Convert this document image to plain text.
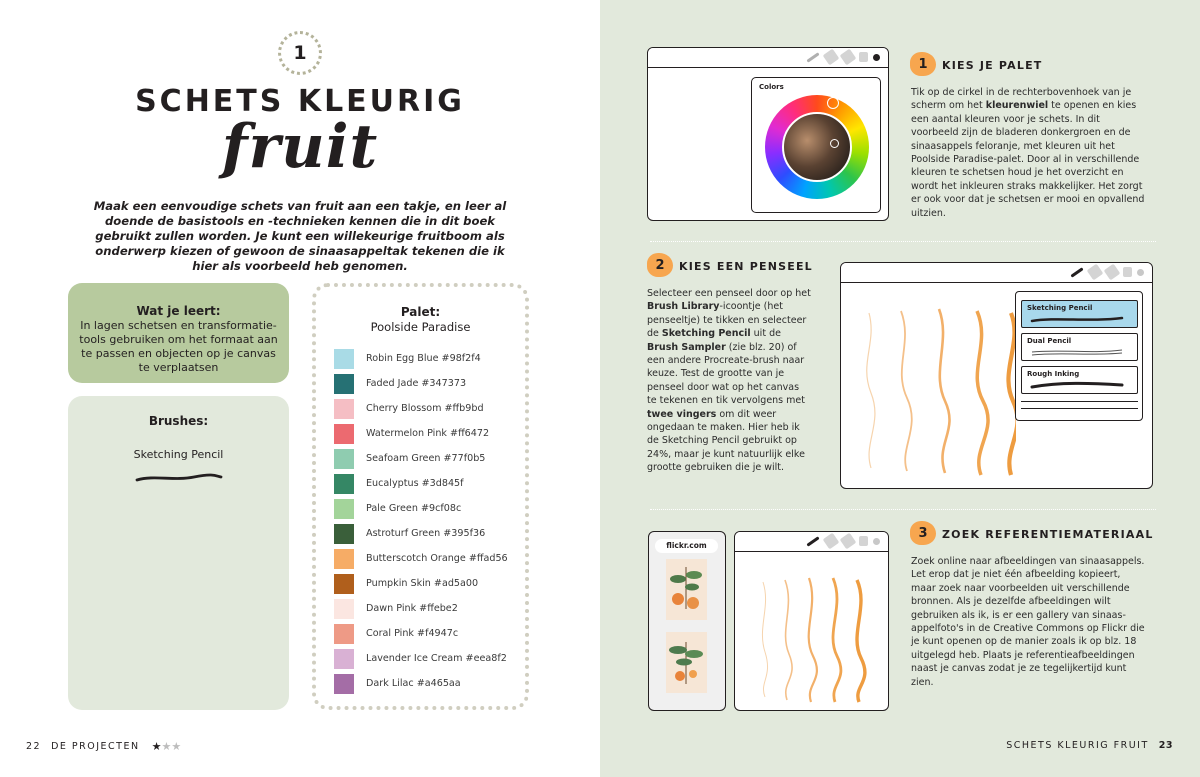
1
SCHETS KLEURIG
fruit
Maak een eenvoudige schets van fruit aan een takje, en leer al doende de basistools en -technieken kennen die in dit boek gebruikt zullen worden. Je kunt een willekeurige fruitboom als onderwerp kiezen of gewoon de sinaasappeltak tekenen die ik hier als voorbeeld heb genomen.
Wat je leert:
In lagen schetsen en transformatie-tools gebruiken om het formaat aan te passen en objecten op je canvas te verplaatsen
Brushes:
Sketching Pencil
Palet:
Poolside Paradise
Robin Egg Blue #98f2f4
Faded Jade #347373
Cherry Blossom #ffb9bd
Watermelon Pink #ff6472
Seafoam Green #77f0b5
Eucalyptus #3d845f
Pale Green #9cf08c
Astroturf Green #395f36
Butterscotch Orange #ffad56
Pumpkin Skin #ad5a00
Dawn Pink #ffebe2
Coral Pink #f4947c
Lavender Ice Cream #eea8f2
Dark Lilac #a465aa
22 DE PROJECTEN ★★★
Colors
1	KIES JE PALET
Tik op de cirkel in de rechterbovenhoek van je scherm om het kleurenwiel te openen en kies een aantal kleuren voor je schets. In dit voorbeeld zijn de bladeren donkergroen en de sinaasappels feloranje, met kleuren uit het Poolside Paradise-palet. Door al in verschillende kleuren te schetsen houd je het overzicht en wordt het inkleuren straks makkelijker. Het zorgt er ook voor dat je schetsen er mooi en opvallend uitzien.
2	KIES EEN PENSEEL
Selecteer een penseel door op het Brush Library-icoontje (het penseeltje) te tikken en selecteer de Sketching Pencil uit de Brush Sampler (zie blz. 20) of een andere Procreate-brush naar keuze. Test de grootte van je penseel door wat op het canvas te tekenen en tik vervolgens met twee vingers om dit weer ongedaan te maken. Hier heb ik de Sketching Pencil gebruikt op 24%, maar je kunt natuurlijk elke grootte gebruiken die je wilt.
Sketching Pencil
Dual Pencil
Rough Inking
flickr.com
3	ZOEK REFERENTIEMATERIAAL
Zoek online naar afbeeldingen van sinaasappels. Let erop dat je niet één afbeelding kopieert, maar zoek naar voorbeelden uit verschillende bronnen. Als je dezelfde afbeeldingen wilt gebruiken als ik, is er een gallery van sinaas-appelfoto's in de Creative Commons op Flickr die je kunt openen op de manier zoals ik op blz. 18 uitgelegd heb. Plaats je referentieafbeeldingen naast je canvas zodat je ze tegelijkertijd kunt zien.
SCHETS KLEURIG FRUIT 23
